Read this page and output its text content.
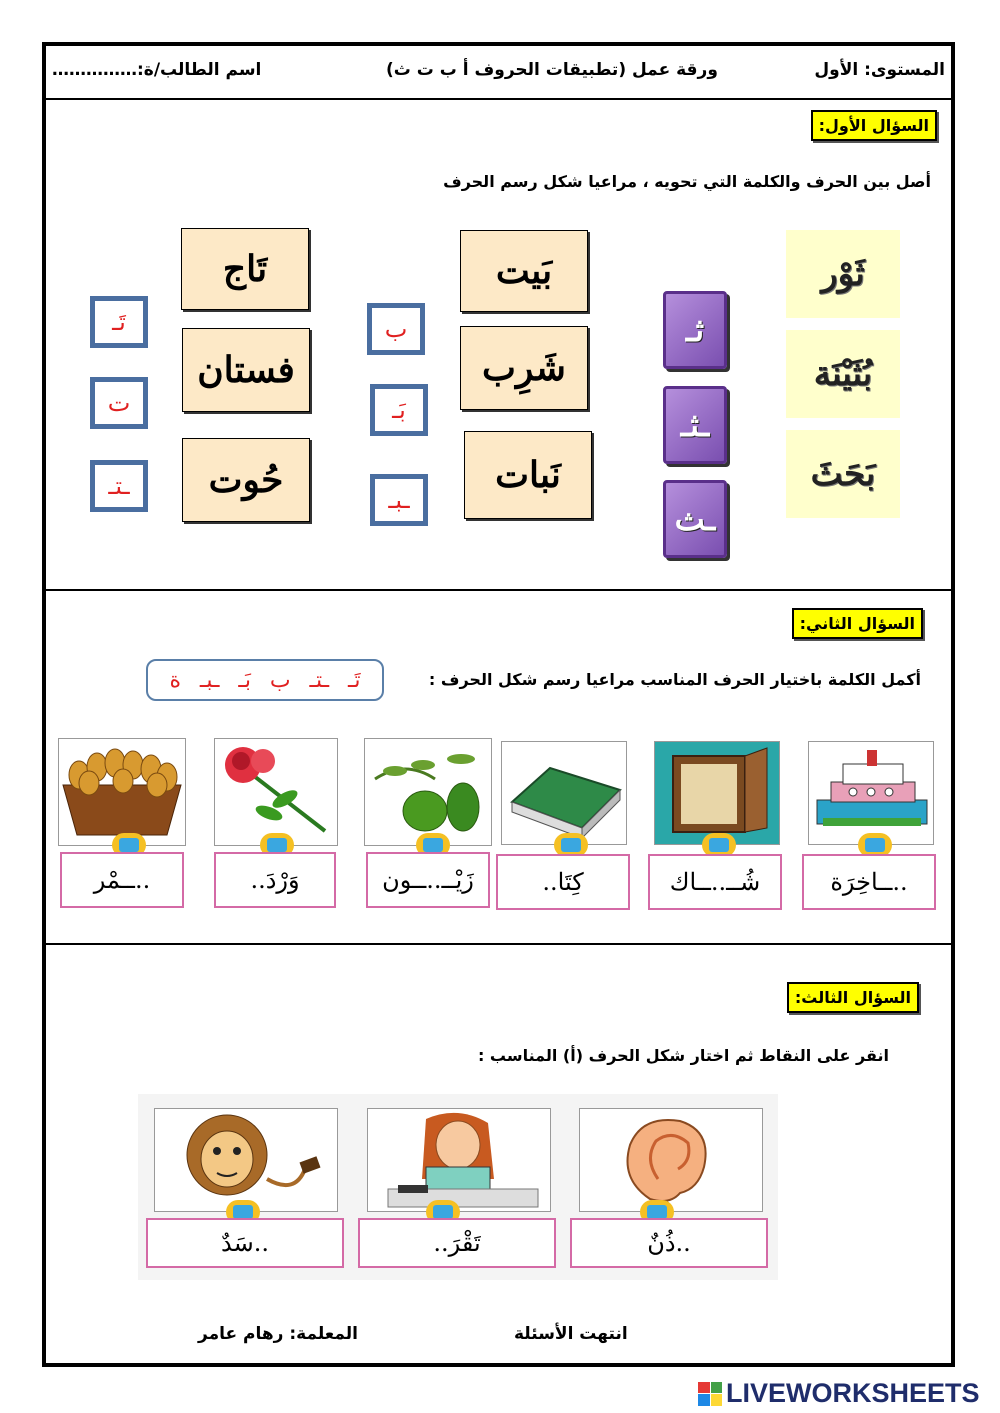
المستوى: الأول
ورقة عمل (تطبيقات الحروف أ ب ت ث)
اسم الطالب/ة:……………
السؤال الأول:
أصل بين الحرف والكلمة التي تحويه ، مراعيا شكل رسم الحرف
ثَوْر
بُثَيْنَة
بَحَثَ
ثـ
ـثـ
ـث
بَيت
شَرِب
نَبات
ب
بَـ
ـبـ
تَاج
فستان
حُوت
تَـ
ت
ـتـ
السؤال الثاني:
أكمل الكلمة باختيار الحرف المناسب مراعيا رسم شكل الحرف :
تَـ
ـتـ
ب
بَـ
ـبـ
ة
..ــاخِرَة
شُــ..ــاك
كِتَا..
زَيْــ..ــون
وَرْدَ..
..ــمْر
السؤال الثالث:
انقر على النقاط ثم اختار شكل الحرف (أ) المناسب :
..ذُنٌ
تَقْرَ..
..سَدٌ
انتهت الأسئلة
المعلمة: رهام عامر
LIVEWORKSHEETS
